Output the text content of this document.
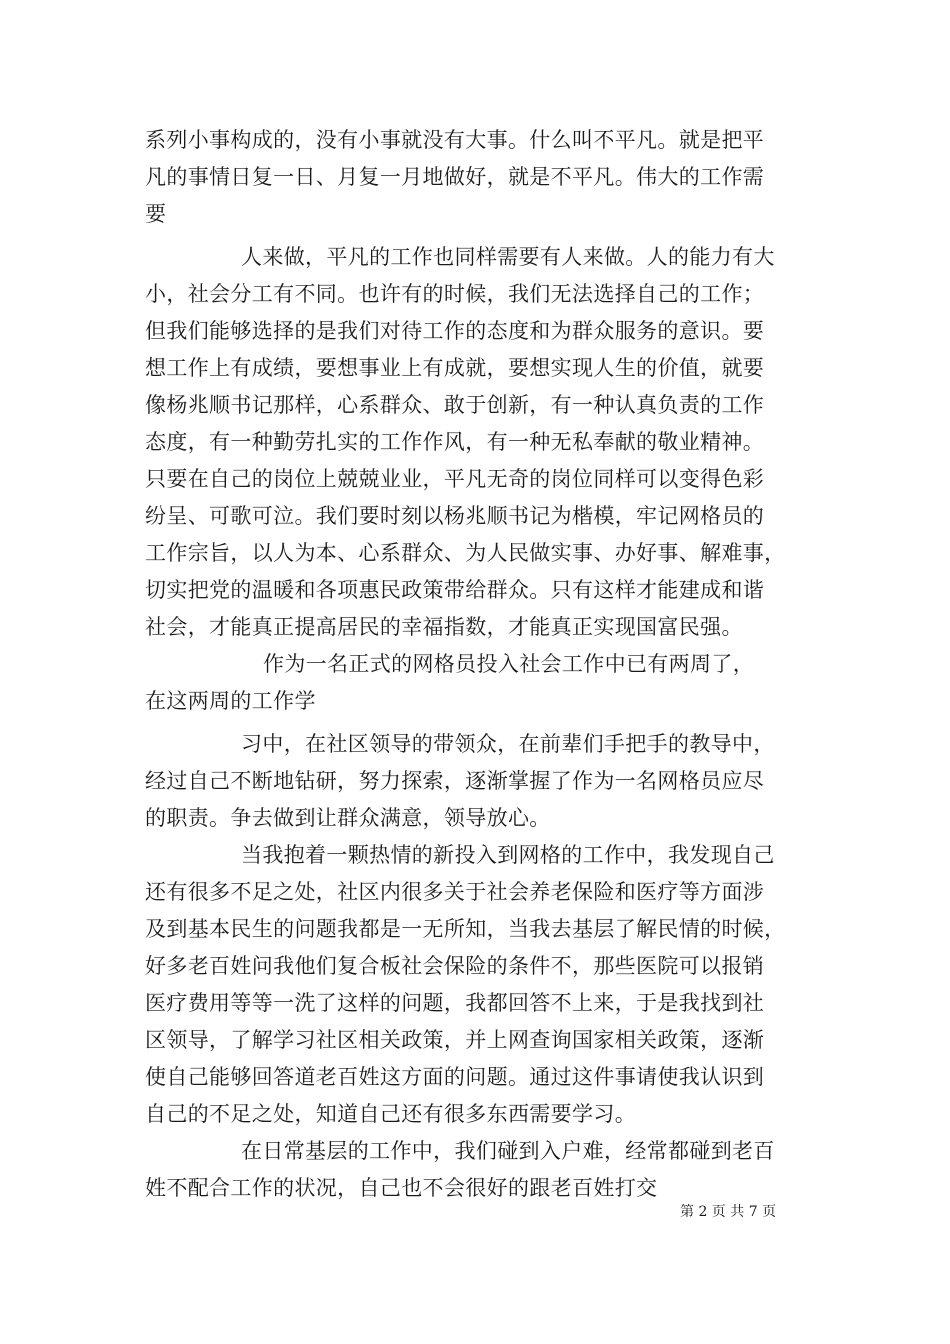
系列小事构成的，没有小事就没有大事。什么叫不平凡。就是把平
凡的事情日复一日、月复一月地做好，就是不平凡。伟大的工作需
要
人来做，平凡的工作也同样需要有人来做。人的能力有大
小，社会分工有不同。也许有的时候，我们无法选择自己的工作；
但我们能够选择的是我们对待工作的态度和为群众服务的意识。要
想工作上有成绩，要想事业上有成就，要想实现人生的价值，就要
像杨兆顺书记那样，心系群众、敢于创新，有一种认真负责的工作
态度，有一种勤劳扎实的工作作风，有一种无私奉献的敬业精神。
只要在自己的岗位上兢兢业业，平凡无奇的岗位同样可以变得色彩
纷呈、可歌可泣。我们要时刻以杨兆顺书记为楷模，牢记网格员的
工作宗旨，以人为本、心系群众、为人民做实事、办好事、解难事，
切实把党的温暖和各项惠民政策带给群众。只有这样才能建成和谐
社会，才能真正提高居民的幸福指数，才能真正实现国富民强。
作为一名正式的网格员投入社会工作中已有两周了，
在这两周的工作学
习中，在社区领导的带领众，在前辈们手把手的教导中，
经过自己不断地钻研，努力探索，逐渐掌握了作为一名网格员应尽
的职责。争去做到让群众满意，领导放心。
当我抱着一颗热情的新投入到网格的工作中，我发现自己
还有很多不足之处，社区内很多关于社会养老保险和医疗等方面涉
及到基本民生的问题我都是一无所知，当我去基层了解民情的时候，
好多老百姓问我他们复合板社会保险的条件不，那些医院可以报销
医疗费用等等一洗了这样的问题，我都回答不上来，于是我找到社
区领导，了解学习社区相关政策，并上网查询国家相关政策，逐渐
使自己能够回答道老百姓这方面的问题。通过这件事请使我认识到
自己的不足之处，知道自己还有很多东西需要学习。
在日常基层的工作中，我们碰到入户难，经常都碰到老百
姓不配合工作的状况，自己也不会很好的跟老百姓打交
第 2 页 共 7 页
